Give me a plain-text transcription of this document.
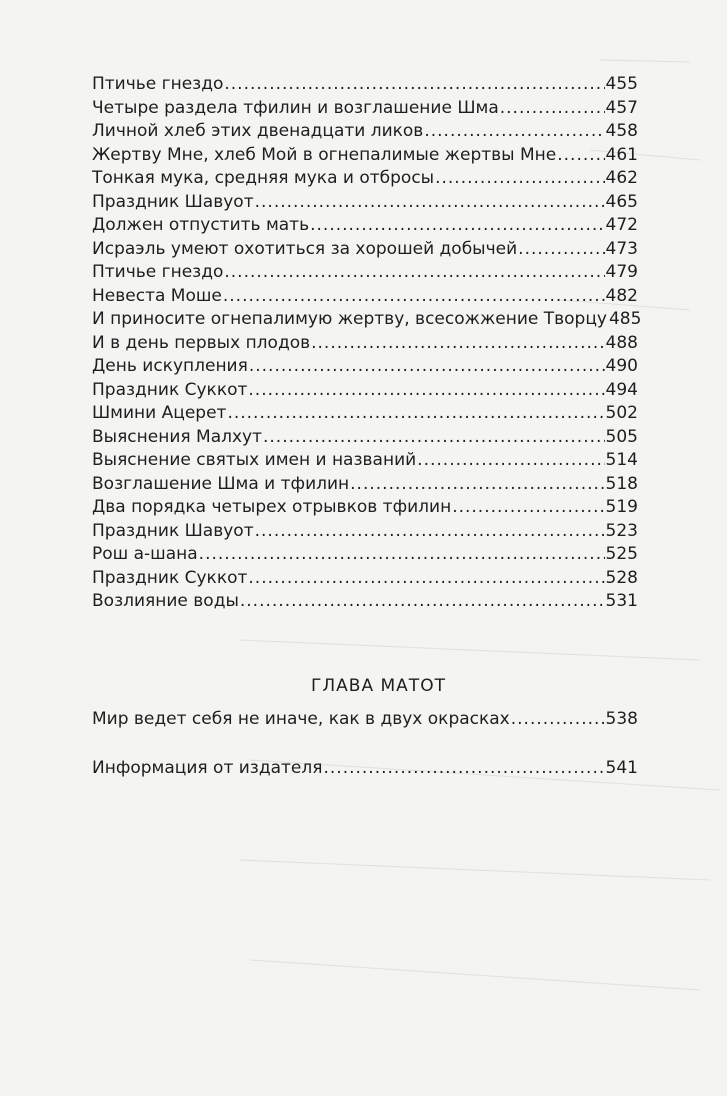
Птичье гнездо .....	455
Четыре раздела тфилин и возглашение Шма .....	457
Личной хлеб этих двенадцати ликов .....	458
Жертву Мне, хлеб Мой в огнепалимые жертвы Мне .....	461
Тонкая мука, средняя мука и отбросы .....	462
Праздник Шавуот .....	465
Должен отпустить мать .....	472
Исраэль умеют охотиться за хорошей добычей .....	473
Птичье гнездо .....	479
Невеста Моше .....	482
И приносите огнепалимую жертву, всесожжение Творцу 485
И в день первых плодов .....	488
День искупления .....	490
Праздник Суккот .....	494
Шмини Ацерет .....	502
Выяснения Малхут .....	505
Выяснение святых имен и названий .....	514
Возглашение Шма и тфилин .....	518
Два порядка четырех отрывков тфилин .....	519
Праздник Шавуот .....	523
Рош а-шана .....	525
Праздник Суккот .....	528
Возлияние воды .....	531
ГЛАВА МАТОТ
Мир ведет себя не иначе, как в двух окрасках .....	538
Информация от издателя .....	541
